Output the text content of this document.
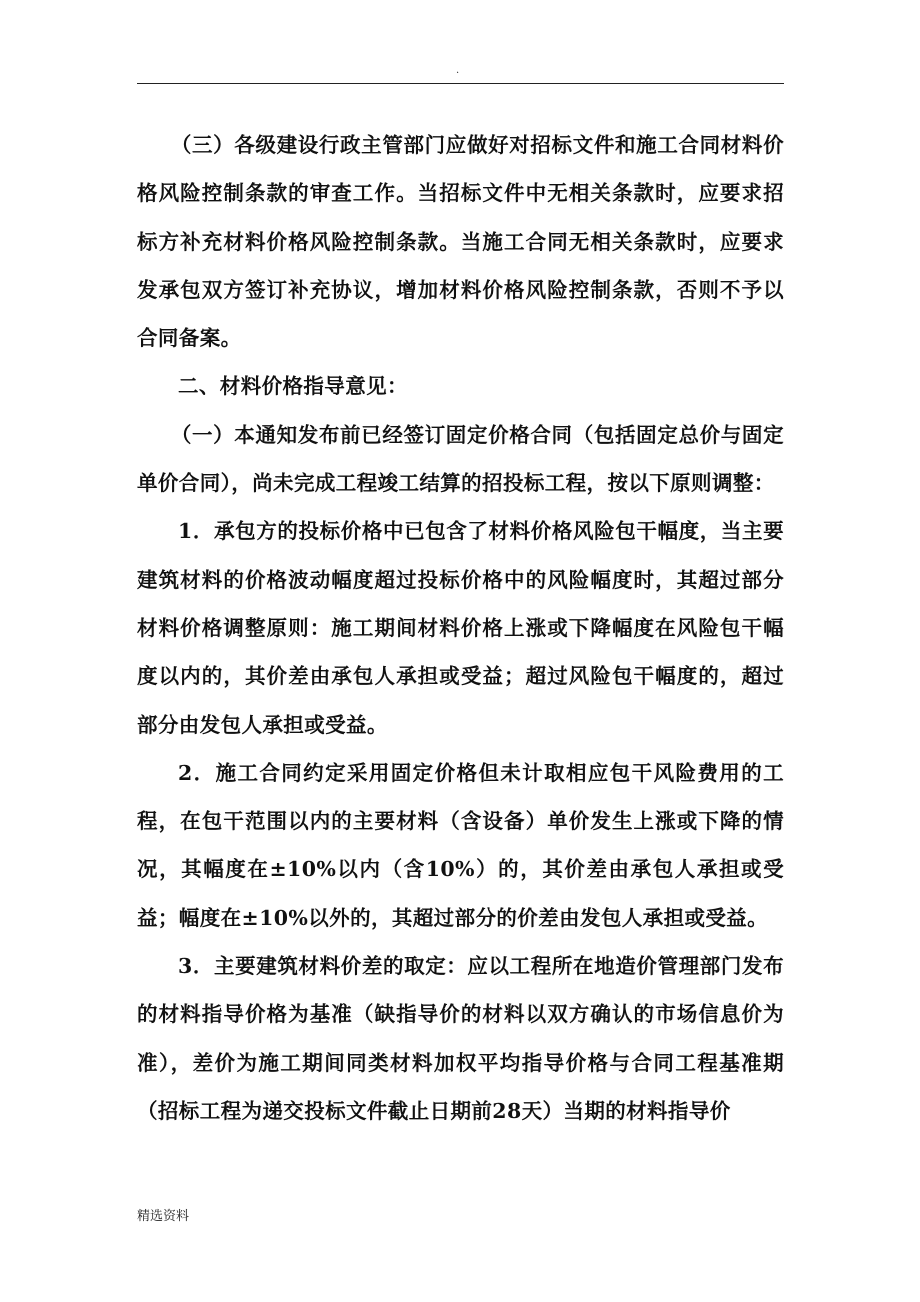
.

（三）各级建设行政主管部门应做好对招标文件和施工合同材料价格风险控制条款的审查工作。当招标文件中无相关条款时，应要求招标方补充材料价格风险控制条款。当施工合同无相关条款时，应要求发承包双方签订补充协议，增加材料价格风险控制条款，否则不予以合同备案。

二、材料价格指导意见：

（一）本通知发布前已经签订固定价格合同（包括固定总价与固定单价合同），尚未完成工程竣工结算的招投标工程，按以下原则调整：

1．承包方的投标价格中已包含了材料价格风险包干幅度，当主要建筑材料的价格波动幅度超过投标价格中的风险幅度时，其超过部分材料价格调整原则：施工期间材料价格上涨或下降幅度在风险包干幅度以内的，其价差由承包人承担或受益；超过风险包干幅度的，超过部分由发包人承担或受益。

2．施工合同约定采用固定价格但未计取相应包干风险费用的工程，在包干范围以内的主要材料（含设备）单价发生上涨或下降的情况，其幅度在±10%以内（含10%）的，其价差由承包人承担或受益；幅度在±10%以外的，其超过部分的价差由发包人承担或受益。

3．主要建筑材料价差的取定：应以工程所在地造价管理部门发布的材料指导价格为基准（缺指导价的材料以双方确认的市场信息价为准），差价为施工期间同类材料加权平均指导价格与合同工程基准期（招标工程为递交投标文件截止日期前28天）当期的材料指导价

精选资料
